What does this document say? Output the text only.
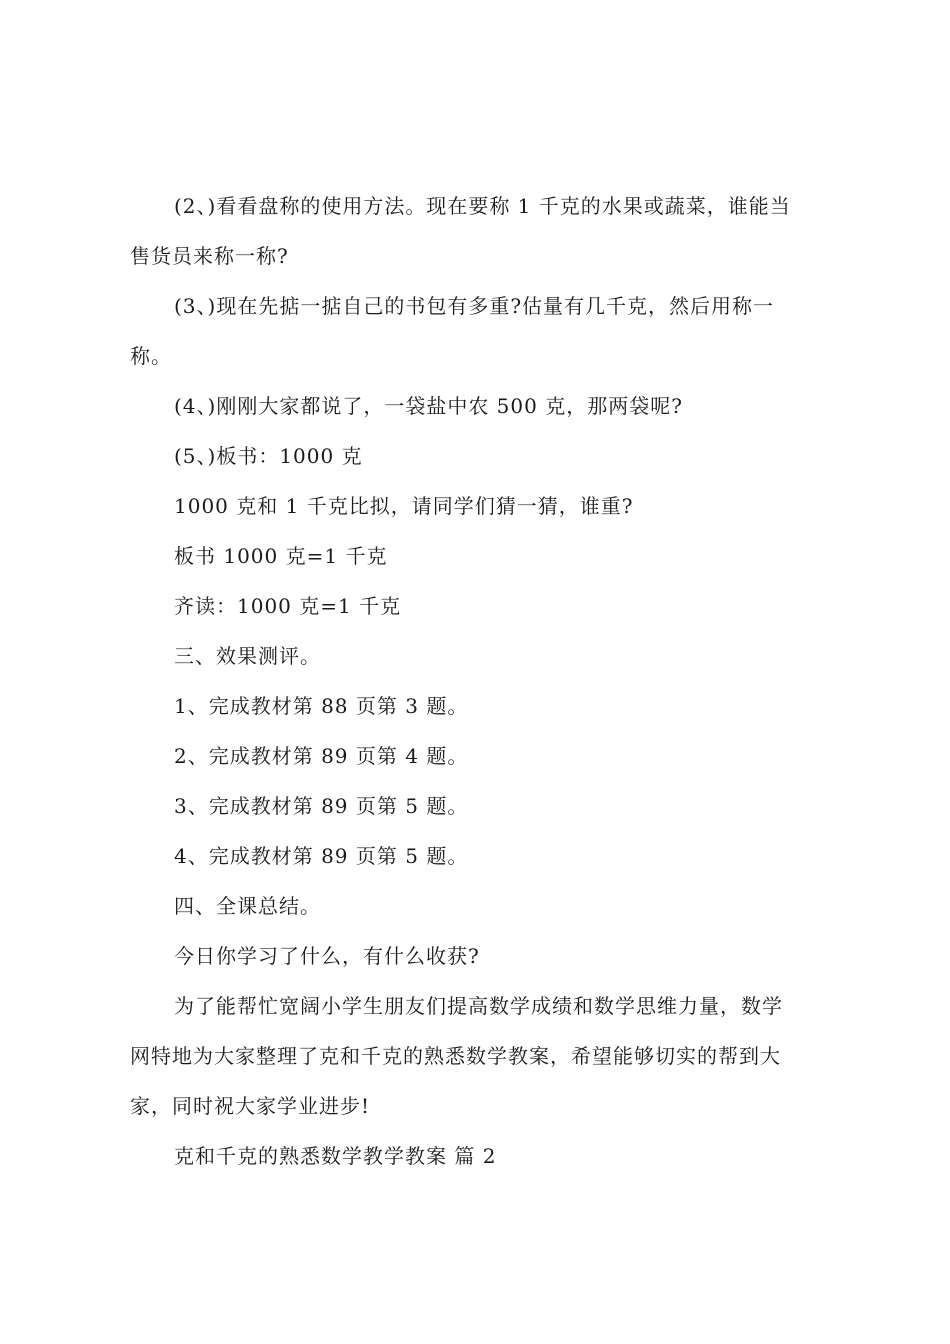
(2、)看看盘称的使用方法。现在要称 1 千克的水果或蔬菜，谁能当
售货员来称一称?
(3、)现在先掂一掂自己的书包有多重?估量有几千克，然后用称一
称。
(4、)刚刚大家都说了，一袋盐中农 500 克，那两袋呢?
(5、)板书：1000 克
1000 克和 1 千克比拟，请同学们猜一猜，谁重?
板书 1000 克=1 千克
齐读：1000 克=1 千克
三、效果测评。
1、完成教材第 88 页第 3 题。
2、完成教材第 89 页第 4 题。
3、完成教材第 89 页第 5 题。
4、完成教材第 89 页第 5 题。
四、全课总结。
今日你学习了什么，有什么收获?
为了能帮忙宽阔小学生朋友们提高数学成绩和数学思维力量，数学
网特地为大家整理了克和千克的熟悉数学教案，希望能够切实的帮到大
家，同时祝大家学业进步!
克和千克的熟悉数学教学教案 篇 2
